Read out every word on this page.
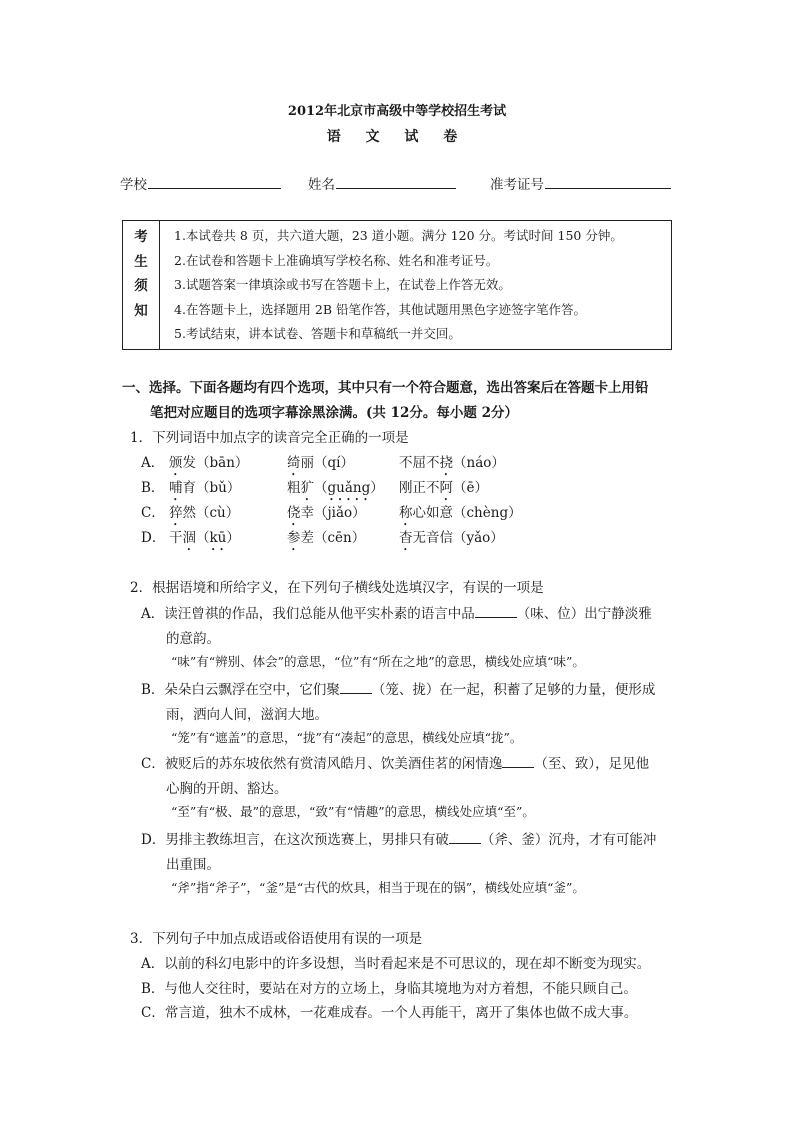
2012年北京市高级中等学校招生考试
语 文 试 卷
学校	姓名	准考证号
考
生
须
知

1.本试卷共 8 页，共六道大题，23 道小题。满分 120 分。考试时间 150 分钟。
2.在试卷和答题卡上准确填写学校名称、姓名和准考证号。
3.试题答案一律填涂或书写在答题卡上，在试卷上作答无效。
4.在答题卡上，选择题用 2B 铅笔作答，其他试题用黑色字迹签字笔作答。
5.考试结束，讲本试卷、答题卡和草稿纸一并交回。
一、选择。下面各题均有四个选项，其中只有一个符合题意，选出答案后在答题卡上用铅
笔把对应题目的选项字幕涂黑涂满。(共 12分。每小题 2分）
1．下列词语中加点字的读音完全正确的一项是
A． 颁发（bān）	绮丽（qí）	不屈不挠（náo）
B． 哺育（bǔ）	粗犷（guǎng） 刚正不阿（ē）
C． 猝然（cù）	侥幸（jiǎo） 称心如意（chèng）
D． 干涸（kū）	参差（cēn）	杳无音信（yǎo）
2．根据语境和所给字义，在下列句子横线处选填汉字，有误的一项是
A．读汪曾祺的作品，我们总能从他平实朴素的语言中品	（味、位）出宁静淡雅
的意韵。
“味”有“辨别、体会”的意思，“位”有“所在之地”的意思，横线处应填“味”。
B．朵朵白云飘浮在空中，它们聚 （笼、拢）在一起，积蓄了足够的力量，便形成
雨，洒向人间，滋润大地。
“笼”有“遮盖”的意思，“拢”有“凑起”的意思，横线处应填“拢”。
C．被贬后的苏东坡依然有赏清风皓月、饮美酒佳茗的闲情逸 （至、致），足见他
心胸的开朗、豁达。
“至”有“极、最”的意思，“致”有“情趣”的意思，横线处应填“至”。
D．男排主教练坦言，在这次预选赛上，男排只有破 （斧、釜）沉舟，才有可能冲
出重围。
“斧”指“斧子”，“釜”是“古代的炊具，相当于现在的锅”，横线处应填“釜”。
3．下列句子中加点成语或俗语使用有误的一项是
A．以前的科幻电影中的许多设想，当时看起来是不可思议的，现在却不断变为现实。
B．与他人交往时，要站在对方的立场上，身临其境地为对方着想，不能只顾自己。
C．常言道，独木不成林，一花难成春。一个人再能干，离开了集体也做不成大事。
